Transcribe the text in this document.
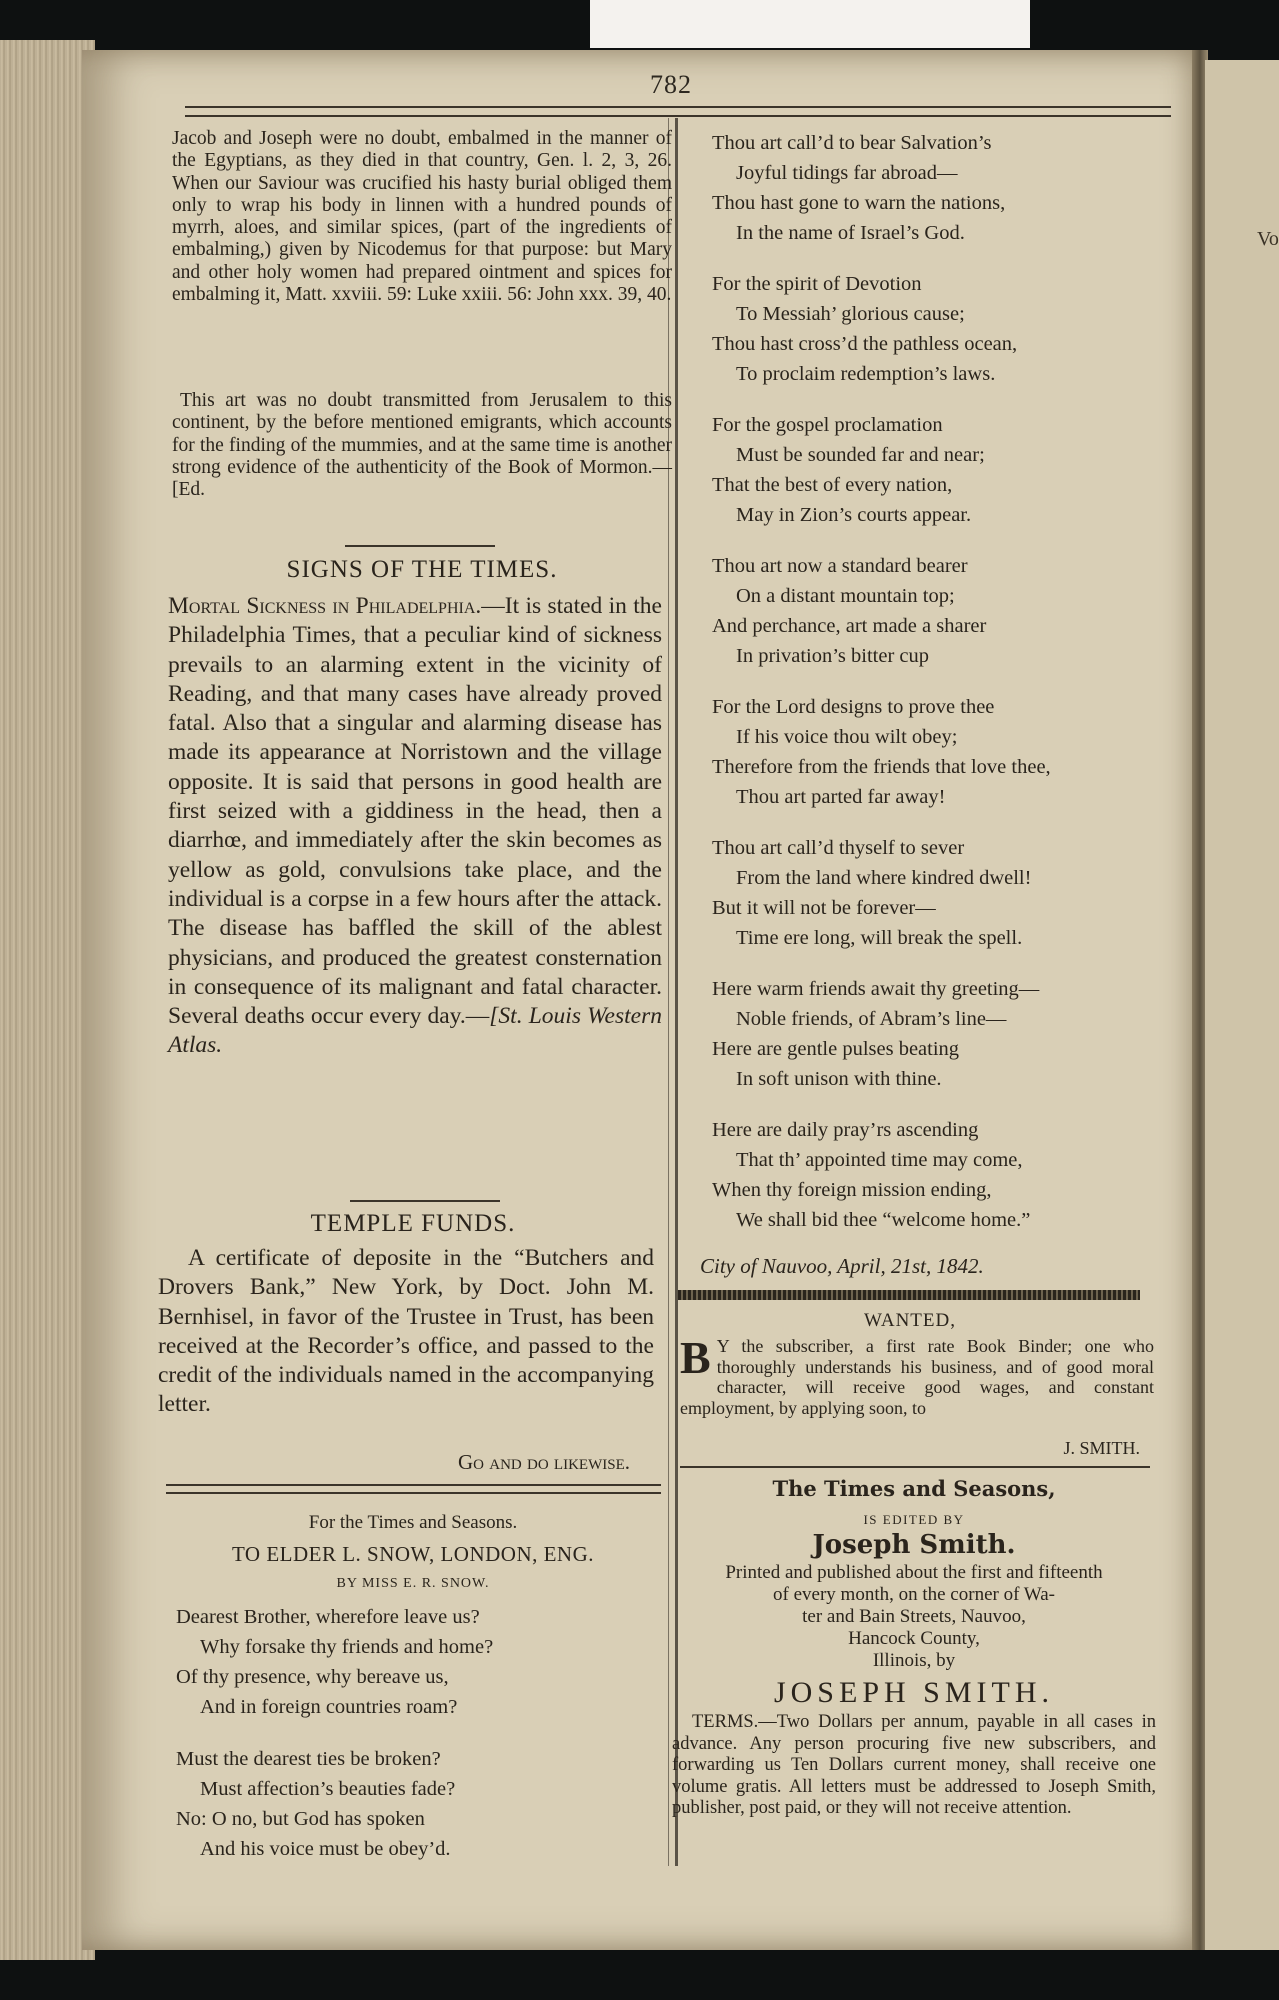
Vo
782

Jacob and Joseph were no doubt, embalmed in the manner of the Egyptians, as they died in that country, Gen. l. 2, 3, 26. When our Saviour was crucified his hasty burial obliged them only to wrap his body in linnen with a hundred pounds of myrrh, aloes, and similar spices, (part of the ingredients of embalming,) given by Nicodemus for that purpose: but Mary and other holy women had prepared ointment and spices for embalming it, Matt. xxviii. 59: Luke xxiii. 56: John xxx. 39, 40.

This art was no doubt transmitted from Jerusalem to this continent, by the before mentioned emigrants, which accounts for the finding of the mummies, and at the same time is another strong evidence of the authenticity of the Book of Mormon.—[Ed.

SIGNS OF THE TIMES.

Mortal Sickness in Philadelphia.—It is stated in the Philadelphia Times, that a peculiar kind of sickness prevails to an alarming extent in the vicinity of Reading, and that many cases have already proved fatal. Also that a singular and alarming disease has made its appearance at Norristown and the village opposite. It is said that persons in good health are first seized with a giddiness in the head, then a diarrhœ, and immediately after the skin becomes as yellow as gold, convulsions take place, and the individual is a corpse in a few hours after the attack. The disease has baffled the skill of the ablest physicians, and produced the greatest consternation in consequence of its malignant and fatal character. Several deaths occur every day.—[St. Louis Western Atlas.

TEMPLE FUNDS.

A certificate of deposite in the “Butchers and Drovers Bank,” New York, by Doct. John M. Bernhisel, in favor of the Trustee in Trust, has been received at the Recorder’s office, and passed to the credit of the individuals named in the accompanying letter.

Go and do likewise.
For the Times and Seasons.
TO ELDER L. SNOW, LONDON, ENG.
BY MISS E. R. SNOW.
Dearest Brother, wherefore leave us?
Why forsake thy friends and home?
Of thy presence, why bereave us,
And in foreign countries roam?
Must the dearest ties be broken?
Must affection’s beauties fade?
No: O no, but God has spoken
And his voice must be obey’d.
Thou art call’d to bear Salvation’s
Joyful tidings far abroad—
Thou hast gone to warn the nations,
In the name of Israel’s God.
For the spirit of Devotion
To Messiah’ glorious cause;
Thou hast cross’d the pathless ocean,
To proclaim redemption’s laws.
For the gospel proclamation
Must be sounded far and near;
That the best of every nation,
May in Zion’s courts appear.
Thou art now a standard bearer
On a distant mountain top;
And perchance, art made a sharer
In privation’s bitter cup
For the Lord designs to prove thee
If his voice thou wilt obey;
Therefore from the friends that love thee,
Thou art parted far away!
Thou art call’d thyself to sever
From the land where kindred dwell!
But it will not be forever—
Time ere long, will break the spell.
Here warm friends await thy greeting—
Noble friends, of Abram’s line—
Here are gentle pulses beating
In soft unison with thine.
Here are daily pray’rs ascending
That th’ appointed time may come,
When thy foreign mission ending,
We shall bid thee “welcome home.”
City of Nauvoo, April, 21st, 1842.
WANTED,

B Y the subscriber, a first rate Book Binder; one who thoroughly understands his business, and of good moral character, will receive good wages, and constant employment, by applying soon, to

J. SMITH.
The Times and Seasons,
IS EDITED BY
Joseph Smith.
Printed and published about the first and fifteenth
of every month, on the corner of Wa-
ter and Bain Streets, Nauvoo,
Hancock County,
Illinois, by
JOSEPH SMITH.

TERMS.—Two Dollars per annum, payable in all cases in advance. Any person procuring five new subscribers, and forwarding us Ten Dollars current money, shall receive one volume gratis. All letters must be addressed to Joseph Smith, publisher, post paid, or they will not receive attention.
